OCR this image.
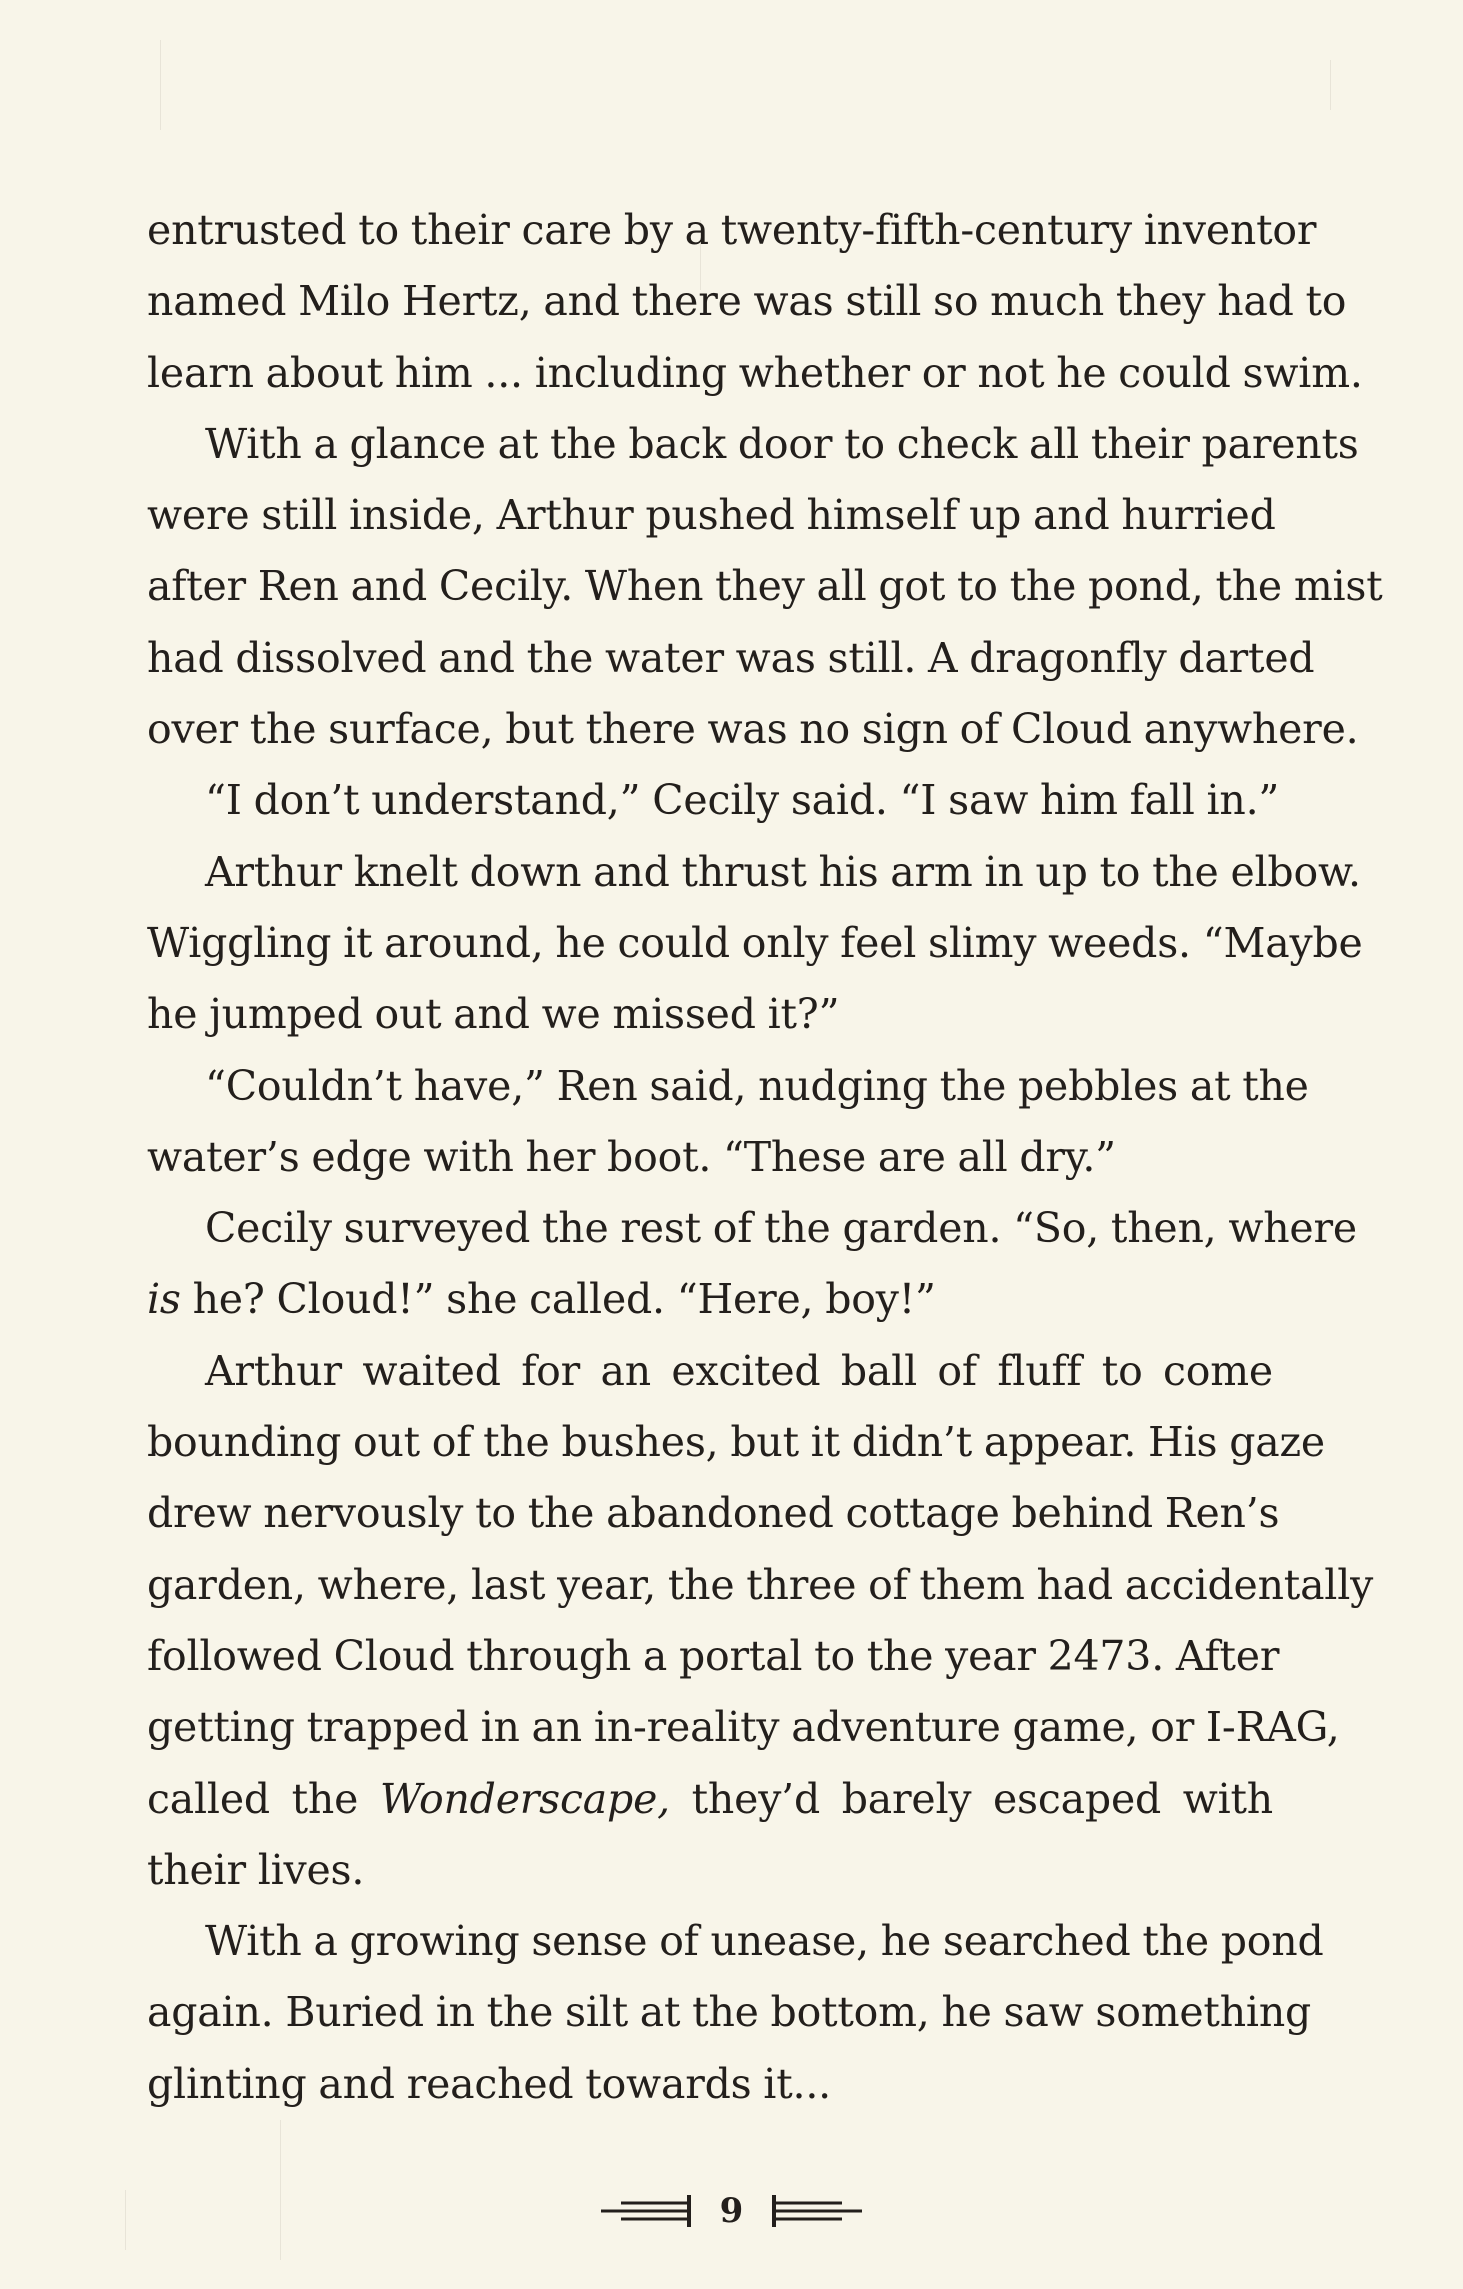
entrusted to their care by a twenty-fifth-century inventor
named Milo Hertz, and there was still so much they had to
learn about him ... including whether or not he could swim.
With a glance at the back door to check all their parents
were still inside, Arthur pushed himself up and hurried
after Ren and Cecily. When they all got to the pond, the mist
had dissolved and the water was still. A dragonfly darted
over the surface, but there was no sign of Cloud anywhere.
“I don’t understand,” Cecily said. “I saw him fall in.”
Arthur knelt down and thrust his arm in up to the elbow.
Wiggling it around, he could only feel slimy weeds. “Maybe
he jumped out and we missed it?”
“Couldn’t have,” Ren said, nudging the pebbles at the
water’s edge with her boot. “These are all dry.”
Cecily surveyed the rest of the garden. “So, then, where
is he? Cloud!” she called. “Here, boy!”
Arthur waited for an excited ball of fluff to come
bounding out of the bushes, but it didn’t appear. His gaze
drew nervously to the abandoned cottage behind Ren’s
garden, where, last year, the three of them had accidentally
followed Cloud through a portal to the year 2473. After
getting trapped in an in-reality adventure game, or I-RAG,
called the Wonderscape, they’d barely escaped with
their lives.
With a growing sense of unease, he searched the pond
again. Buried in the silt at the bottom, he saw something
glinting and reached towards it...
9
